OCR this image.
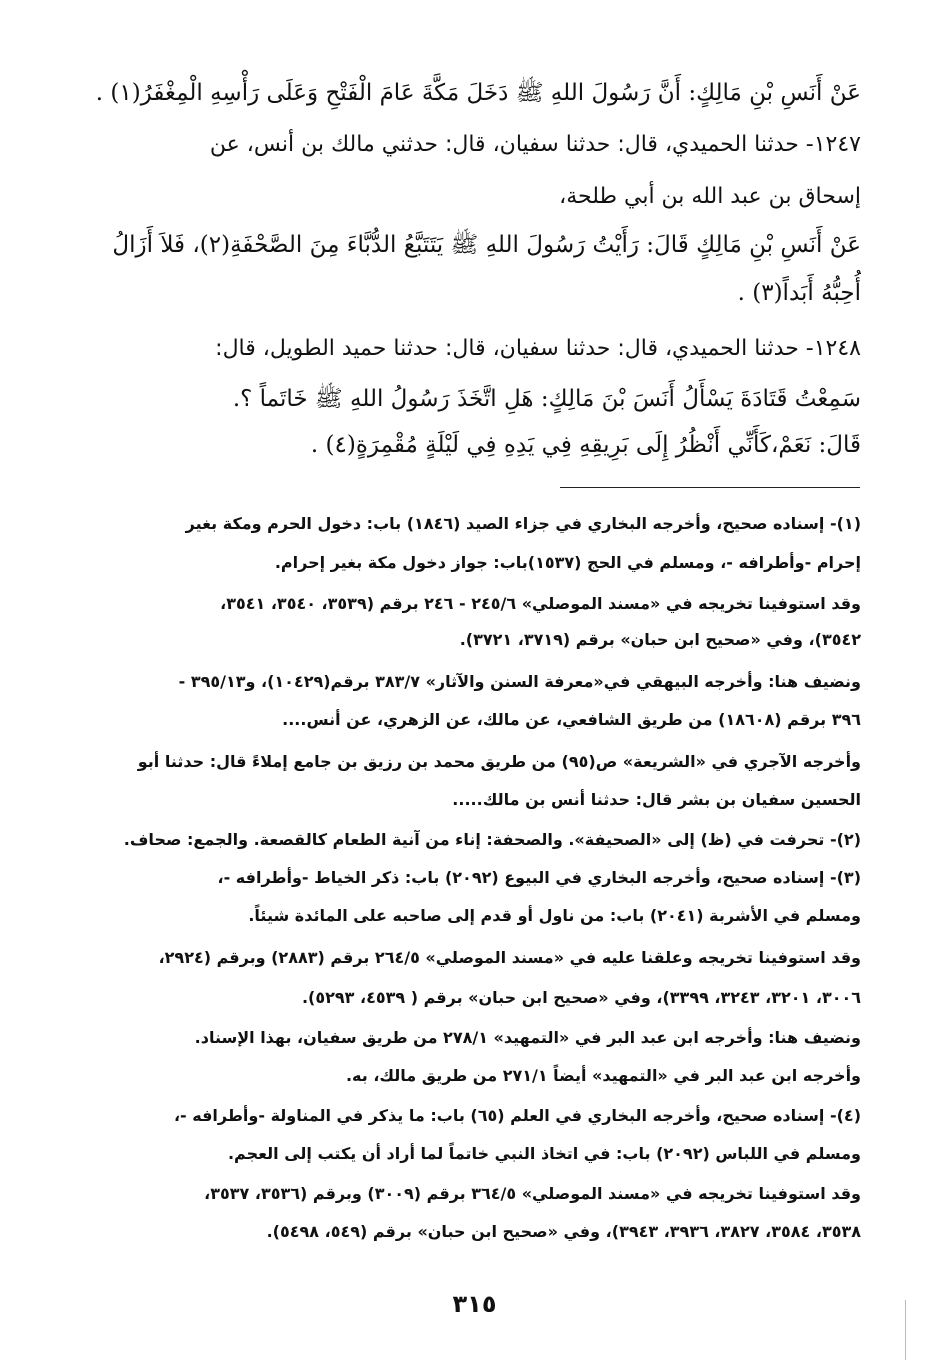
عَنْ أَنَسِ بْنِ مَالِكٍ: أَنَّ رَسُولَ اللهِ ﷺ دَخَلَ مَكَّةَ عَامَ الْفَتْحِ وَعَلَى رَأْسِهِ الْمِغْفَرُ(١) .
١٢٤٧- حدثنا الحميدي، قال: حدثنا سفيان، قال: حدثني مالك بن أنس، عن
إسحاق بن عبد الله بن أبي طلحة،
عَنْ أَنَسِ بْنِ مَالِكٍ قَالَ: رَأَيْتُ رَسُولَ اللهِ ﷺ يَتَتَبَّعُ الدُّبَّاءَ مِنَ الصَّحْفَةِ(٢)، فَلاَ أَزَالُ
أُحِبُّهُ أَبَداً(٣) .
١٢٤٨- حدثنا الحميدي، قال: حدثنا سفيان، قال: حدثنا حميد الطويل، قال:
سَمِعْتُ قَتَادَةَ يَسْأَلُ أَنَسَ بْنَ مَالِكٍ: هَلِ اتَّخَذَ رَسُولُ اللهِ ﷺ خَاتَماً ؟.
قَالَ: نَعَمْ،كَأَنِّي أَنْظُرُ إِلَى بَرِيقِهِ فِي يَدِهِ فِي لَيْلَةٍ مُقْمِرَةٍ(٤) .
(١)- إسناده صحيح، وأخرجه البخاري في جزاء الصيد (١٨٤٦) باب: دخول الحرم ومكة بغير
إحرام -وأطرافه -، ومسلم في الحج (١٥٣٧)باب: جواز دخول مكة بغير إحرام.
وقد استوفينا تخريجه في «مسند الموصلي» ٢٤٥/٦ - ٢٤٦ برقم (٣٥٣٩، ٣٥٤٠، ٣٥٤١،
٣٥٤٢)، وفي «صحيح ابن حبان» برقم (٣٧١٩، ٣٧٢١).
ونضيف هنا: وأخرجه البيهقي في«معرفة السنن والآثار» ٣٨٣/٧ برقم(١٠٤٢٩)، و٣٩٥/١٣ -
٣٩٦ برقم (١٨٦٠٨) من طريق الشافعي، عن مالك، عن الزهري، عن أنس....
وأخرجه الآجري في «الشريعة» ص(٩٥) من طريق محمد بن رزيق بن جامع إملاءً قال: حدثنا أبو
الحسين سفيان بن بشر قال: حدثنا أنس بن مالك.....
(٢)- تحرفت في (ظ) إلى «الصحيفة». والصحفة: إناء من آنية الطعام كالقصعة. والجمع: صحاف.
(٣)- إسناده صحيح، وأخرجه البخاري في البيوع (٢٠٩٢) باب: ذكر الخياط -وأطرافه -،
ومسلم في الأشربة (٢٠٤١) باب: من ناول أو قدم إلى صاحبه على المائدة شيئاً.
وقد استوفينا تخريجه وعلقنا عليه في «مسند الموصلي» ٢٦٤/٥ برقم (٢٨٨٣) وبرقم (٢٩٢٤،
٣٠٠٦، ٣٢٠١، ٣٢٤٣، ٣٣٩٩)، وفي «صحيح ابن حبان» برقم ( ٤٥٣٩، ٥٢٩٣).
ونضيف هنا: وأخرجه ابن عبد البر في «التمهيد» ٢٧٨/١ من طريق سفيان، بهذا الإسناد.
وأخرجه ابن عبد البر في «التمهيد» أيضاً ٢٧١/١ من طريق مالك، به.
(٤)- إسناده صحيح، وأخرجه البخاري في العلم (٦٥) باب: ما يذكر في المناولة -وأطرافه -،
ومسلم في اللباس (٢٠٩٢) باب: في اتخاذ النبي خاتماً لما أراد أن يكتب إلى العجم.
وقد استوفينا تخريجه في «مسند الموصلي» ٣٦٤/٥ برقم (٣٠٠٩) وبرقم (٣٥٣٦، ٣٥٣٧،
٣٥٣٨، ٣٥٨٤، ٣٨٢٧، ٣٩٣٦، ٣٩٤٣)، وفي «صحيح ابن حبان» برقم (٥٤٩، ٥٤٩٨).
٣١٥
